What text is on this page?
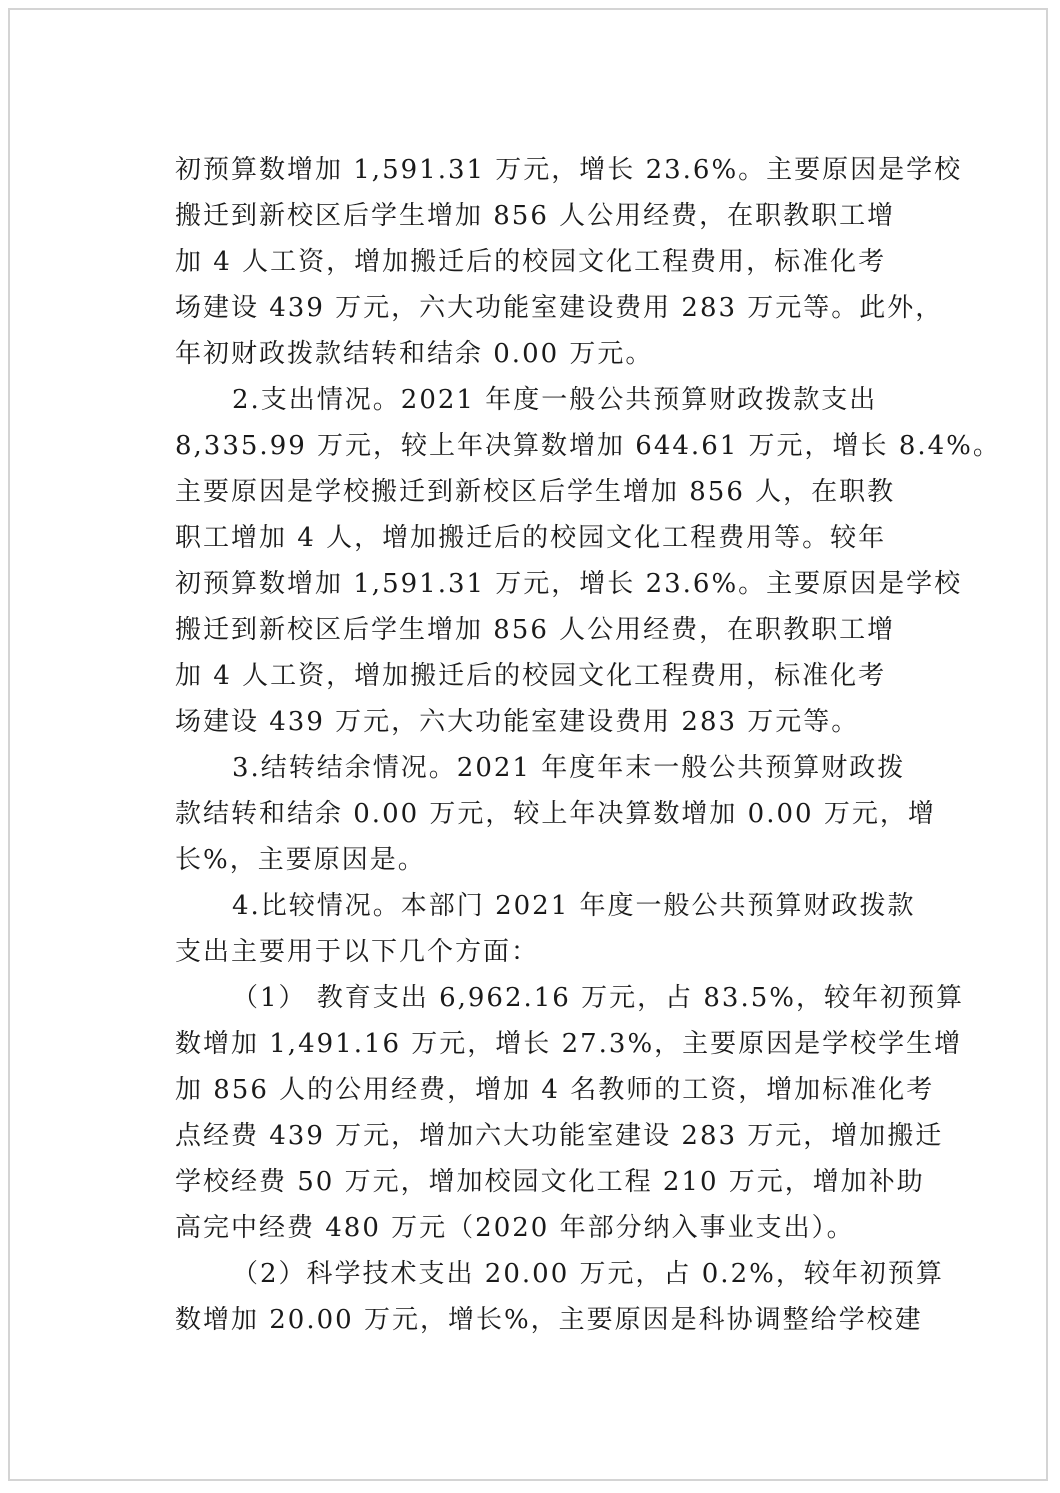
初预算数增加 1,591.31 万元，增长 23.6%。主要原因是学校
搬迁到新校区后学生增加 856 人公用经费，在职教职工增
加 4 人工资，增加搬迁后的校园文化工程费用，标准化考
场建设 439 万元，六大功能室建设费用 283 万元等。此外，
年初财政拨款结转和结余 0.00 万元。
2.支出情况。2021 年度一般公共预算财政拨款支出
8,335.99 万元，较上年决算数增加 644.61 万元，增长 8.4%。
主要原因是学校搬迁到新校区后学生增加 856 人，在职教
职工增加 4 人，增加搬迁后的校园文化工程费用等。较年
初预算数增加 1,591.31 万元，增长 23.6%。主要原因是学校
搬迁到新校区后学生增加 856 人公用经费，在职教职工增
加 4 人工资，增加搬迁后的校园文化工程费用，标准化考
场建设 439 万元，六大功能室建设费用 283 万元等。
3.结转结余情况。2021 年度年末一般公共预算财政拨
款结转和结余 0.00 万元，较上年决算数增加 0.00 万元，增
长%，主要原因是。
4.比较情况。本部门 2021 年度一般公共预算财政拨款
支出主要用于以下几个方面：
（1） 教育支出 6,962.16 万元，占 83.5%，较年初预算
数增加 1,491.16 万元，增长 27.3%，主要原因是学校学生增
加 856 人的公用经费，增加 4 名教师的工资，增加标准化考
点经费 439 万元，增加六大功能室建设 283 万元，增加搬迁
学校经费 50 万元，增加校园文化工程 210 万元，增加补助
高完中经费 480 万元（2020 年部分纳入事业支出）。
（2）科学技术支出 20.00 万元，占 0.2%，较年初预算
数增加 20.00 万元，增长%，主要原因是科协调整给学校建
